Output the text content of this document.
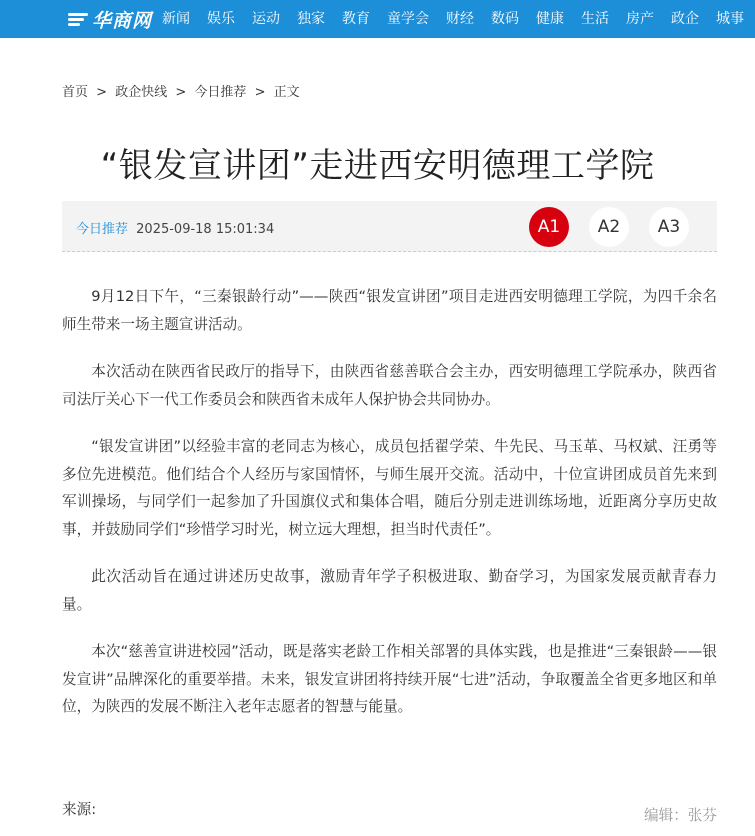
华商网 新闻 娱乐 运动 独家 教育 童学会 财经 数码 健康 生活 房产 政企 城事
首页 > 政企快线 > 今日推荐 > 正文
“银发宣讲团”走进西安明德理工学院
今日推荐 2025-09-18 15:01:34	A1	A2	A3

9月12日下午，“三秦银龄行动”——陕西“银发宣讲团”项目走进西安明德理工学院，为四千余名师生带来一场主题宣讲活动。

本次活动在陕西省民政厅的指导下，由陕西省慈善联合会主办，西安明德理工学院承办，陕西省司法厅关心下一代工作委员会和陕西省未成年人保护协会共同协办。

“银发宣讲团”以经验丰富的老同志为核心，成员包括翟学荣、牛先民、马玉革、马权斌、汪勇等多位先进模范。他们结合个人经历与家国情怀，与师生展开交流。活动中，十位宣讲团成员首先来到军训操场，与同学们一起参加了升国旗仪式和集体合唱，随后分别走进训练场地，近距离分享历史故事，并鼓励同学们“珍惜学习时光，树立远大理想，担当时代责任”。

此次活动旨在通过讲述历史故事，激励青年学子积极进取、勤奋学习，为国家发展贡献青春力量。

本次“慈善宣讲进校园”活动，既是落实老龄工作相关部署的具体实践，也是推进“三秦银龄——银发宣讲”品牌深化的重要举措。未来，银发宣讲团将持续开展“七进”活动，争取覆盖全省更多地区和单位，为陕西的发展不断注入老年志愿者的智慧与能量。

来源:	编辑：张芬
